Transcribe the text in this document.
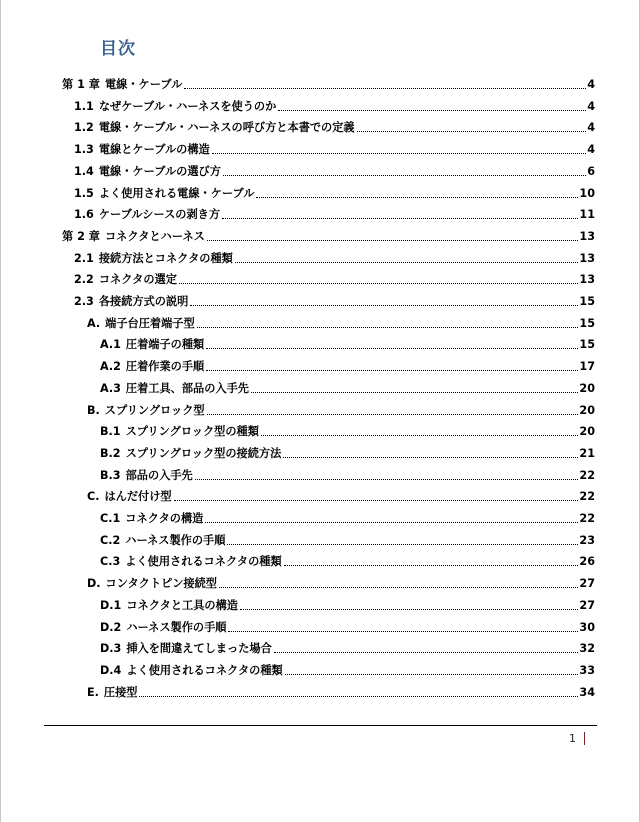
目次
第 1 章 電線・ケーブル	4
1.1 なぜケーブル・ハーネスを使うのか	4
1.2 電線・ケーブル・ハーネスの呼び方と本書での定義	4
1.3 電線とケーブルの構造	4
1.4 電線・ケーブルの選び方	6
1.5 よく使用される電線・ケーブル	10
1.6 ケーブルシースの剥き方	11
第 2 章 コネクタとハーネス	13
2.1 接続方法とコネクタの種類	13
2.2 コネクタの選定	13
2.3 各接続方式の説明	15
A. 端子台圧着端子型	15
A.1 圧着端子の種類	15
A.2 圧着作業の手順	17
A.3 圧着工具、部品の入手先	20
B. スプリングロック型	20
B.1 スプリングロック型の種類	20
B.2 スプリングロック型の接続方法	21
B.3 部品の入手先	22
C. はんだ付け型	22
C.1 コネクタの構造	22
C.2 ハーネス製作の手順	23
C.3 よく使用されるコネクタの種類	26
D. コンタクトピン接続型	27
D.1 コネクタと工具の構造	27
D.2 ハーネス製作の手順	30
D.3 挿入を間違えてしまった場合	32
D.4 よく使用されるコネクタの種類	33
E. 圧接型	34
1
